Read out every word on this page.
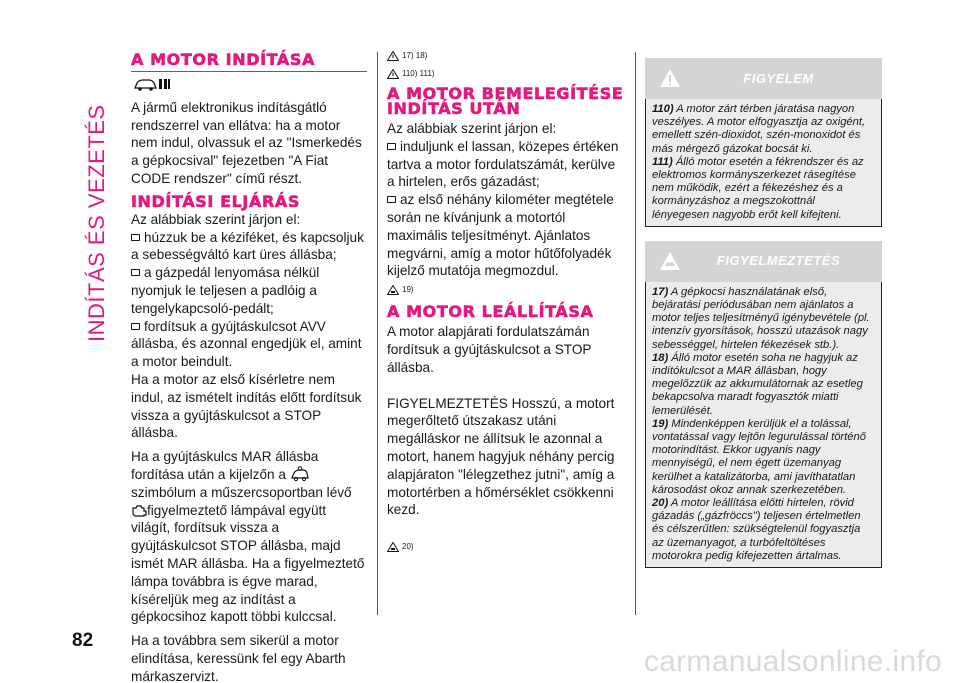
INDÍTÁS ÉS VEZETÉS
82
carmanualsonline.info
A MOTOR INDÍTÁSA

A jármű elektronikus indításgátló rendszerrel van ellátva: ha a motor nem indul, olvassuk el az "Ismerkedés a gépkocsival" fejezetben "A Fiat CODE rendszer" című részt.

INDÍTÁSI ELJÁRÁS

Az alábbiak szerint járjon el:

húzzuk be a kéziféket, és kapcsoljuk a sebességváltó kart üres állásba;

a gázpedál lenyomása nélkül nyomjuk le teljesen a padlóig a tengelykapcsoló-pedált;

fordítsuk a gyújtáskulcsot AVV állásba, és azonnal engedjük el, amint a motor beindult.

Ha a motor az első kísérletre nem indul, az ismételt indítás előtt fordítsuk vissza a gyújtáskulcsot a STOP állásba.

Ha a gyújtáskulcs MAR állásba fordítása után a kijelzőn a  szimbólum a műszercsoportban lévő figyelmeztető lámpával együtt világít, fordítsuk vissza a gyújtáskulcsot STOP állásba, majd ismét MAR állásba. Ha a figyelmeztető lámpa továbbra is égve marad, kíséreljük meg az indítást a gépkocsihoz kapott többi kulccsal.

Ha a továbbra sem sikerül a motor elindítása, keressünk fel egy Abarth márkaszervizt.

17) 18)
110) 111)
A MOTOR BEMELEGÍTÉSE INDÍTÁS UTÁN

Az alábbiak szerint járjon el:

induljunk el lassan, közepes értéken tartva a motor fordulatszámát, kerülve a hirtelen, erős gázadást;

az első néhány kilométer megtétele során ne kívánjunk a motortól maximális teljesítményt. Ajánlatos megvárni, amíg a motor hűtőfolyadék kijelző mutatója megmozdul.

19)
A MOTOR LEÁLLÍTÁSA

A motor alapjárati fordulatszámán fordítsuk a gyújtáskulcsot a STOP állásba.

FIGYELMEZTETÉS Hosszú, a motort megerőltető útszakasz utáni megálláskor ne állítsuk le azonnal a motort, hanem hagyjuk néhány percig alapjáraton "lélegzethez jutni", amíg a motortérben a hőmérséklet csökkenni kezd.

20)
FIGYELEM

110) A motor zárt térben járatása nagyon veszélyes. A motor elfogyasztja az oxigént, emellett szén-dioxidot, szén-monoxidot és más mérgező gázokat bocsát ki.

111) Álló motor esetén a fékrendszer és az elektromos kormányszerkezet rásegítése nem működik, ezért a fékezéshez és a kormányzáshoz a megszokottnál lényegesen nagyobb erőt kell kifejteni.

FIGYELMEZTETÉS

17) A gépkocsi használatának első, bejáratási periódusában nem ajánlatos a motor teljes teljesítményű igénybevétele (pl. intenzív gyorsítások, hosszú utazások nagy sebességgel, hirtelen fékezések stb.).

18) Álló motor esetén soha ne hagyjuk az indítókulcsot a MAR állásban, hogy megelőzzük az akkumulátornak az esetleg bekapcsolva maradt fogyasztók miatti lemerülését.

19) Mindenképpen kerüljük el a tolással, vontatással vagy lejtőn legurulással történő motorindítást. Ekkor ugyanis nagy mennyiségű, el nem égett üzemanyag kerülhet a katalizátorba, ami javíthatatlan károsodást okoz annak szerkezetében.

20) A motor leállítása előtti hirtelen, rövid gázadás („gázfröccs") teljesen értelmetlen és célszerűtlen: szükségtelenül fogyasztja az üzemanyagot, a turbófeltöltéses motorokra pedig kifejezetten ártalmas.
